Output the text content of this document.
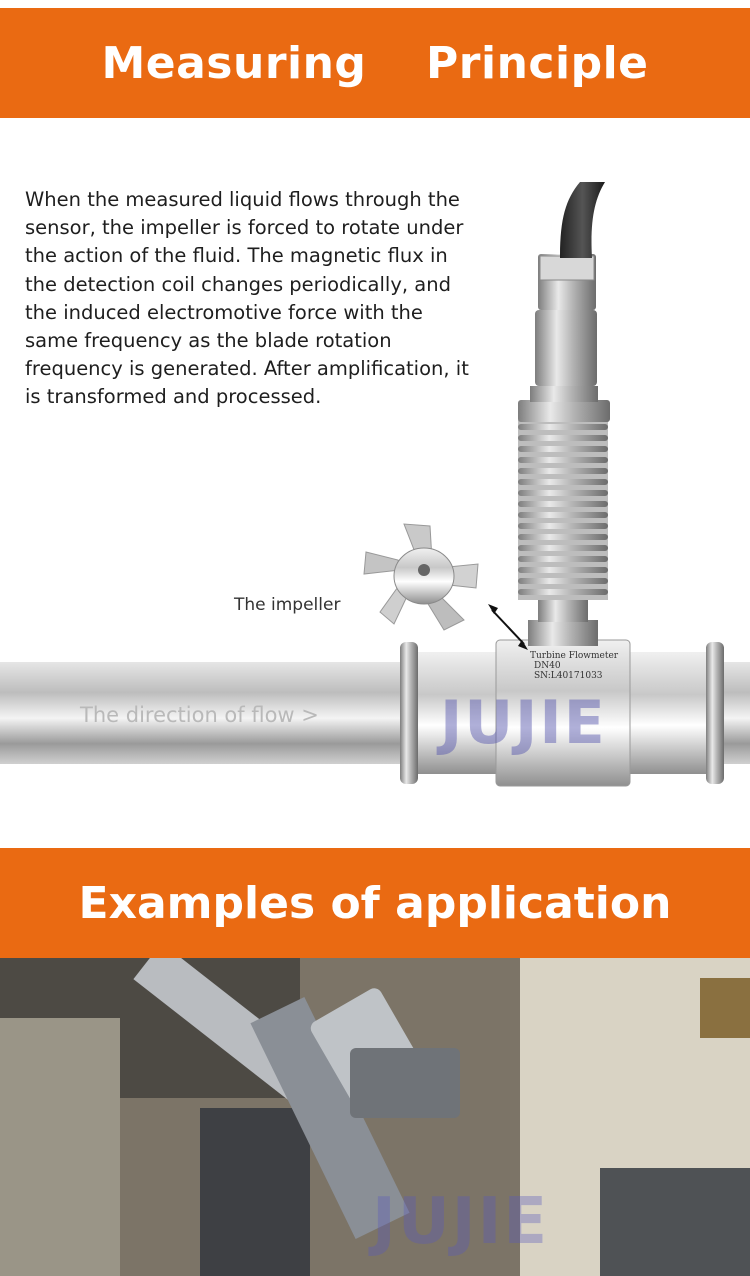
Measuring  Principle
When the measured liquid flows through the sensor, the impeller is forced to rotate under the action of the fluid. The magnetic flux in the detection coil changes periodically, and the induced electromotive force with the same frequency as the blade rotation frequency is generated. After amplification, it is transformed and processed.
Turbine Flowmeter
DN40
SN:L40171033
The impeller
The direction of flow > JUJIE
Examples of application
JUJIE
